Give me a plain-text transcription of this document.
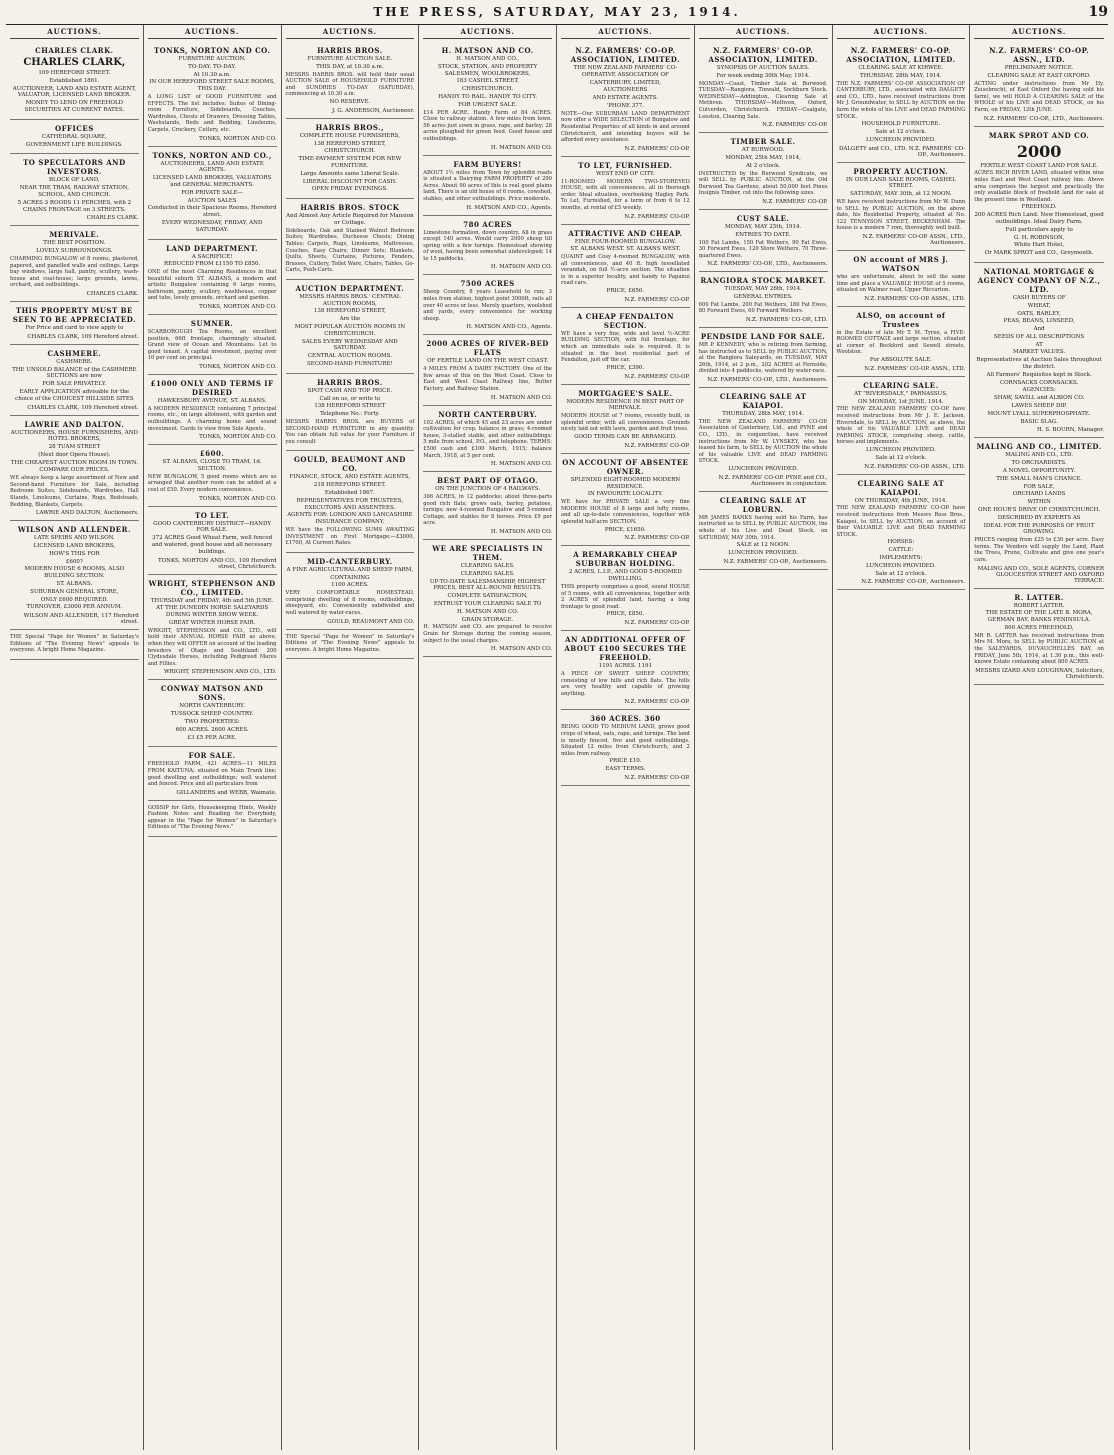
THE PRESS, SATURDAY, MAY 23, 1914.	19
AUCTIONS.
CHARLES CLARK.
CHARLES CLARK,
109 HEREFORD STREET.
Established 1861.
AUCTIONEER, LAND AND ESTATE AGENT, VALUATOR, LICENSED LAND BROKER.
MONEY TO LEND ON FREEHOLD SECURITIES AT CURRENT RATES.
OFFICES
CATHEDRAL SQUARE,
GOVERNMENT LIFE BUILDINGS.
TO SPECULATORS AND INVESTORS.
BLOCK OF LAND,
NEAR THE TRAM, RAILWAY STATION, SCHOOL, AND CHURCH.
5 ACRES 3 ROODS 11 PERCHES, with 2 CHAINS FRONTAGE on 3 STREETS.
CHARLES CLARK.
MERIVALE.
THE BEST POSITION.
LOVELY SURROUNDINGS.
CHARMING BUNGALOW of 8 rooms, plastered, papered, and panelled walls and ceilings. Large bay windows, large hall, pantry, scullery, wash-house and coal-house; large grounds, lawns, orchard, and outbuildings.
CHARLES CLARK.
THIS PROPERTY MUST BE SEEN TO BE APPRECIATED.
For Price and card to view apply to
CHARLES CLARK, 109 Hereford street.
CASHMERE.
CASHMERE.
THE UNSOLD BALANCE of the CASHMERE SECTIONS are now
FOR SALE PRIVATELY.
EARLY APPLICATION advisable for the choice of the CHOICEST HILLSIDE SITES
CHARLES CLARK, 109 Hereford street.
LAWRIE AND DALTON.
AUCTIONEERS, HOUSE FURNISHERS, AND HOTEL BROKERS,
28 TUAM STREET
(Next door Opera House).
THE CHEAPEST AUCTION ROOM IN TOWN.
COMPARE OUR PRICES.
WE always keep a large assortment of New and Second-hand Furniture for Sale, including Bedroom Suites, Sideboards, Wardrobes, Hall Stands, Linoleums, Curtains, Rugs, Bedsteads, Bedding, Blankets, Carpets.
LAWRIE AND DALTON, Auctioneers.
WILSON AND ALLENDER.
LATE SPEIRS AND WILSON.
LICENSED LAND BROKERS,
HOW'S THIS FOR
£600?
MODERN HOUSE 6 ROOMS, ALSO BUILDING SECTION.
ST. ALBANS.
SUBURBAN GENERAL STORE,
ONLY £600 REQUIRED.
TURNOVER, £3000 PER ANNUM.
WILSON AND ALLENDER, 117 Hereford street.
THE Special "Page for Women" in Saturday's Editions of "The Evening News" appeals to everyone. A bright Home Magazine.
AUCTIONS.
TONKS, NORTON AND CO.
FURNITURE AUCTION.
TO-DAY. TO-DAY.
At 10.30 a.m.
IN OUR HEREFORD STREET SALE ROOMS, THIS DAY.
A LONG LIST of GOOD FURNITURE and EFFECTS. The list includes: Suites of Dining-room Furniture, Sideboards, Couches, Wardrobes, Chests of Drawers, Dressing Tables, Washstands, Beds and Bedding, Linoleums, Carpets, Crockery, Cutlery, etc.
TONKS, NORTON AND CO.
TONKS, NORTON AND CO.,
AUCTIONEERS, LAND AND ESTATE AGENTS.
LICENSED LAND BROKERS, VALUATORS and GENERAL MERCHANTS.
FOR PRIVATE SALE—
AUCTION SALES
Conducted in their Spacious Rooms, Hereford street.
EVERY WEDNESDAY, FRIDAY, AND SATURDAY.
LAND DEPARTMENT.
A SACRIFICE!
REDUCED FROM £1150 TO £850.
ONE of the most Charming Residences in that beautiful suburb ST. ALBANS, a modern and artistic Bungalow containing 6 large rooms, bathroom, pantry, scullery, washhouse, copper and tubs, lovely grounds, orchard and garden.
TONKS, NORTON AND CO.
SUMNER.
SCARBOROUGH Tea Rooms, an excellent position, 66ft frontage, charmingly situated. Grand view of Ocean and Mountains. Let to good tenant. A capital investment, paying over 10 per cent on principal.
TONKS, NORTON AND CO.
£1000 ONLY AND TERMS IF DESIRED
HAWKESBURY AVENUE, ST. ALBANS.
A MODERN RESIDENCE containing 7 principal rooms, etc., on large allotment, with garden and outbuildings. A charming home and sound investment. Cards to view from Sole Agents.
TONKS, NORTON AND CO.
£600.
ST. ALBANS, CLOSE TO TRAM, 1d. SECTION.
NEW BUNGALOW, 5 good rooms which are so arranged that another room can be added at a cost of £50. Every modern convenience.
TONKS, NORTON AND CO.
TO LET.
GOOD CANTERBURY DISTRICT—HANDY FOR SALE.
372 ACRES Good Wheat Farm, well fenced and watered, good house and all necessary buildings.
TONKS, NORTON AND CO., 109 Hereford street, Christchurch.
WRIGHT, STEPHENSON AND CO., LIMITED.
THURSDAY and FRIDAY, 4th and 5th JUNE.
AT THE DUNEDIN HORSE SALEYARDS DURING WINTER SHOW WEEK.
GREAT WINTER HORSE FAIR.
WRIGHT, STEPHENSON and CO., LTD., will hold their ANNUAL HORSE FAIR as above, when they will OFFER on account of the leading breeders of Otago and Southland: 200 Clydesdale Horses, including Pedigreed Mares and Fillies.
WRIGHT, STEPHENSON AND CO., LTD.
CONWAY MATSON AND SONS.
NORTH CANTERBURY.
TUSSOCK SHEEP COUNTRY.
TWO PROPERTIES:
600 ACRES. 2600 ACRES.
£3 £5 PER ACRE.
FOR SALE.
FREEHOLD FARM, 421 ACRES—11 MILES FROM KAITUNA; situated on Main Trunk line; good dwelling and outbuildings; well watered and fenced. Price and all particulars from
GILLANDERS and WEBB, Waimate.
GOSSIP for Girls, Housekeeping Hints, Weekly Fashion Notes and Reading for Everybody, appear in the "Page for Women" in Saturday's Editions of "The Evening News."
AUCTIONS.
HARRIS BROS.
FURNITURE AUCTION SALE.
THIS DAY, at 10.30 a.m.
MESSRS HARRIS BROS. will hold their usual AUCTION SALE of HOUSEHOLD FURNITURE and SUNDRIES TO-DAY (SATURDAY), commencing at 10.30 a.m.
NO RESERVE.
J. G. ANDERSON, Auctioneer.
HARRIS BROS.,
COMPLETE HOUSE FURNISHERS,
138 HEREFORD STREET,
CHRISTCHURCH.
TIME-PAYMENT SYSTEM FOR NEW FURNITURE.
Large Amounts same Liberal Scale.
LIBERAL DISCOUNT FOR CASH.
OPEN FRIDAY EVENINGS.
HARRIS BROS. STOCK
And Almost Any Article Required for Mansion or Cottage.
Sideboards, Oak and Stained Walnut Bedroom Suites; Wardrobes, Duchesse Chests; Dining Tables; Carpets, Rugs, Linoleums, Mattresses, Couches, Easy Chairs; Dinner Sets; Blankets, Quilts, Sheets, Curtains, Pictures, Fenders, Brasses, Cutlery, Toilet Ware, Chairs, Tables, Go-Carts, Push-Carts.
AUCTION DEPARTMENT.
MESSRS HARRIS BROS.' CENTRAL AUCTION ROOMS,
138 HEREFORD STREET,
Are the
MOST POPULAR AUCTION ROOMS IN CHRISTCHURCH.
SALES EVERY WEDNESDAY AND SATURDAY.
CENTRAL AUCTION ROOMS.
SECOND-HAND FURNITURE!
HARRIS BROS.
SPOT CASH AND TOP PRICE.
Call on us, or write to
138 HEREFORD STREET
Telephone No.: Forty.
MESSRS HARRIS BROS. are BUYERS of SECOND-HAND FURNITURE in any quantity. You can obtain full value for your Furniture if you consult
GOULD, BEAUMONT AND CO.
FINANCE, STOCK, AND ESTATE AGENTS,
218 HEREFORD STREET.
Established 1867.
REPRESENTATIVES FOR TRUSTEES, EXECUTORS AND ASSENTEES.
AGENTS FOR: LONDON AND LANCASHIRE INSURANCE COMPANY.
WE have the FOLLOWING SUMS AWAITING INVESTMENT on First Mortgage:—£3000, £1700, At Current Rates.
MID-CANTERBURY.
A FINE AGRICULTURAL AND SHEEP FARM,
CONTAINING
1100 ACRES.
VERY COMFORTABLE HOMESTEAD, comprising dwelling of 8 rooms, outbuildings, sheepyard, etc. Conveniently subdivided and well watered by water-races.
GOULD, BEAUMONT AND CO.
THE Special "Page for Women" in Saturday's Editions of "The Evening News" appeals to everyone. A bright Home Magazine.
AUCTIONS.
H. MATSON AND CO.
H. MATSON AND CO.,
STOCK, STATION, AND PROPERTY SALESMEN, WOOLBROKERS,
183 CASHEL STREET,
CHRISTCHURCH.
HANDY TO RAIL. HANDY TO CITY.
FOR URGENT SALE.
£14 PER ACRE. Handy Farm of 84 ACRES. Close to railway station. A few miles from town. 56 acres just sown in grass, rape, and barley; 28 acres ploughed for green feed. Good house and outbuildings.
H. MATSON AND CO.
FARM BUYERS!
ABOUT 1½ miles from Town by splendid roads is situated a Dairying FARM PROPERTY of 290 Acres. About 90 acres of this is real good plains land. There is an old house of 6 rooms, cowshed, stables, and other outbuildings. Price moderate.
H. MATSON AND CO., Agents.
780 ACRES
Limestone formation, down country. All in grass except 140 acres. Would carry 2000 sheep till spring with a few turnips. Homestead showing of wool, having been somewhat undeveloped; 14 to 15 paddocks.
H. MATSON AND CO.
7500 ACRES
Sheep Country, 8 years Leasehold to run; 3 miles from station, highest point 3000ft, rails all over 40 acres or less. Merely quarters, woolshed and yards, every convenience for working sheep.
H. MATSON AND CO., Agents.
2000 ACRES OF RIVER-BED FLATS
OF FERTILE LAND ON THE WEST COAST.
4 MILES FROM A DAIRY FACTORY. One of the few areas of this on the West Coast. Close to East and West Coast Railway line, Butter Factory, and Railway Station.
H. MATSON AND CO.
NORTH CANTERBURY.
102 ACRES, of which 45 and 23 acres are under cultivation for crop, balance in grass; 4-roomed house, 3-stalled stable, and other outbuildings; 5 mile from school, P.O., and telephone. TERMS: £500 cash and £100 March, 1915; balance March, 1918, at 5 per cent.
H. MATSON AND CO.
BEST PART OF OTAGO.
ON THE JUNCTION OF 4 RAILWAYS.
306 ACRES, in 12 paddocks; about three-parts good rich flats; grows oats, barley, potatoes, turnips; new 4-roomed Bungalow and 5-roomed Cottage, and stables for 8 horses. Price £9 per acre.
H. MATSON AND CO.
WE ARE SPECIALISTS IN THEM.
CLEARING SALES.
CLEARING SALES.
UP-TO-DATE SALESMANSHIP, HIGHEST PRICES, BEST ALL-ROUND RESULTS.
COMPLETE SATISFACTION,
ENTRUST YOUR CLEARING SALE TO
H. MATSON AND CO.
GRAIN STORAGE.
H. MATSON and CO. are prepared to receive Grain for Storage during the coming season, subject to the usual charges.
H. MATSON AND CO.
AUCTIONS.
N.Z. FARMERS' CO-OP. ASSOCIATION, LIMITED.
THE NEW ZEALAND FARMERS' CO-OPERATIVE ASSOCIATION OF
CANTERBURY, LIMITED,
AUCTIONEERS
AND ESTATE AGENTS.
'PHONE 377.
NOTE—Our SUBURBAN LAND DEPARTMENT now offer a WIDE SELECTION of Bungalow and Residential Properties of all kinds in and around Christchurch, and intending buyers will be afforded every assistance.
N.Z. FARMERS' CO-OP.
TO LET, FURNISHED.
WEST END OF CITY.
11-ROOMED MODERN TWO-STOREYED HOUSE, with all conveniences, all in thorough order. Ideal situation, overlooking Hagley Park. To Let, Furnished, for a term of from 6 to 12 months, at rental of £5 weekly.
N.Z. FARMERS' CO-OP.
ATTRACTIVE AND CHEAP.
FINE FOUR-ROOMED BUNGALOW.
ST. ALBANS WEST. ST. ALBANS WEST.
QUAINT and Cosy 4-roomed BUNGALOW, with all conveniences, and 40 ft. high tessellated verandah, on full ½-acre section. The situation is in a superior locality, and handy to Papanui road cars.
PRICE, £650.
N.Z. FARMERS' CO-OP.
A CHEAP FENDALTON SECTION.
WE have a very fine, wide and level ½-ACRE BUILDING SECTION, with full frontage, for which an immediate sale is required. It is situated in the best residential part of Fendalton, just off the car.
PRICE, £390.
N.Z. FARMERS' CO-OP.
MORTGAGEE'S SALE.
MODERN RESIDENCE IN BEST PART OF MERIVALE.
MODERN HOUSE of 7 rooms, recently built, in splendid order, with all conveniences. Grounds nicely laid out with lawn, garden and fruit trees.
GOOD TERMS CAN BE ARRANGED.
N.Z. FARMERS' CO-OP.
ON ACCOUNT OF ABSENTEE OWNER.
SPLENDID EIGHT-ROOMED MODERN RESIDENCE.
IN FAVOURITE LOCALITY.
WE have for PRIVATE SALE a very fine MODERN HOUSE of 8 large and lofty rooms, and all up-to-date conveniences, together with splendid half-acre SECTION.
PRICE, £1650.
N.Z. FARMERS' CO-OP.
A REMARKABLY CHEAP SUBURBAN HOLDING.
2 ACRES, L.I.P., AND GOOD 5-ROOMED DWELLING.
THIS property comprises a good, sound HOUSE of 5 rooms, with all conveniences, together with 2 ACRES of splendid land, having a long frontage to good road.
PRICE, £850.
N.Z. FARMERS' CO-OP.
AN ADDITIONAL OFFER OF ABOUT £100 SECURES THE FREEHOLD.
1191 ACRES. 1191
A PIECE OF SWEET SHEEP COUNTRY, consisting of low hills and rich flats. The hills are very healthy and capable of growing anything.
N.Z. FARMERS' CO-OP.
360 ACRES. 360
BEING GOOD TO MEDIUM LAND, grows good crops of wheat, oats, rape, and turnips. The land is mostly fenced, five and good outbuildings. Situated 12 miles from Christchurch, and 2 miles from railway.
PRICE £10.
EASY TERMS.
N.Z. FARMERS' CO-OP.
AUCTIONS.
N.Z. FARMERS' CO-OP. ASSOCIATION, LIMITED.
SYNOPSIS OF AUCTION SALES.
For week ending 30th May, 1914.
MONDAY—Coast, Timber Sale at Burwood. TUESDAY—Rangiora, Tinwald, Sockburn Stock. WEDNESDAY—Addington, Clearing Sale at Methven. THURSDAY—Methven, Oxford, Culverden, Christchurch. FRIDAY—Coalgate, Leeston, Clearing Sale.
N.Z. FARMERS' CO-OP.
TIMBER SALE.
AT BURWOOD.
MONDAY, 25th MAY, 1914,
At 2 o'clock.
INSTRUCTED by the Burwood Syndicate, we will SELL by PUBLIC AUCTION, at the Old Burwood Tea Gardens, about 50,000 feet Pinus Insignis Timber, cut into the following sizes.
N.Z. FARMERS' CO-OP.
CUST SALE.
MONDAY, MAY 25th, 1914.
ENTRIES TO DATE.
100 Fat Lambs, 150 Fat Wethers, 90 Fat Ewes, 30 Forward Ewes, 120 Store Wethers, 70 Three-quartered Ewes.
N.Z. FARMERS' CO-OP., LTD., Auctioneers.
RANGIORA STOCK MARKET.
TUESDAY, MAY 26th, 1914.
GENERAL ENTRIES.
600 Fat Lambs, 200 Fat Wethers, 180 Fat Ewes, 80 Forward Ewes, 60 Forward Wethers.
N.Z. FARMERS' CO-OP., LTD.
PENDSIDE LAND FOR SALE.
MR P. KENNEDY, who is retiring from farming, has instructed us to SELL by PUBLIC AUCTION, at the Rangiora Saleyards, on TUESDAY, MAY 26th, 1914, at 2 p.m., 202 ACRES at Fernside, divided into 4 paddocks, watered by water-race.
N.Z. FARMERS' CO-OP., LTD., Auctioneers.
CLEARING SALE AT KAIAPOI.
THURSDAY, 28th MAY, 1914.
THE NEW ZEALAND FARMERS' CO-OP. Association of Canterbury, Ltd., and PYNE and CO., LTD., in conjunction, have received instructions from Mr W. LYNSKEY, who has leased his farm, to SELL by AUCTION the whole of his valuable LIVE and DEAD FARMING STOCK.
LUNCHEON PROVIDED.
N.Z. FARMERS' CO-OP. PYNE and CO., Auctioneers in conjunction.
CLEARING SALE AT LOBURN.
MR JAMES BANKS having sold his Farm, has instructed us to SELL by PUBLIC AUCTION, the whole of his Live and Dead Stock, on SATURDAY, MAY 30th, 1914.
SALE at 12 NOON.
LUNCHEON PROVIDED.
N.Z. FARMERS' CO-OP., Auctioneers.
AUCTIONS.
N.Z. FARMERS' CO-OP. ASSOCIATION, LIMITED.
CLEARING SALE AT KIRWEE.
THURSDAY, 28th MAY, 1914.
THE N.Z. FARMERS' CO-OP. ASSOCIATION OF CANTERBURY, LTD., associated with DALGETY and CO., LTD., have received instructions from Mr J. Groundwater, to SELL by AUCTION on the farm the whole of his LIVE and DEAD FARMING STOCK.
HOUSEHOLD FURNITURE.
Sale at 12 o'clock.
LUNCHEON PROVIDED.
DALGETY and CO., LTD. N.Z. FARMERS' CO-OP., Auctioneers.
PROPERTY AUCTION.
IN OUR LAND SALE ROOMS, CASHEL STREET.
SATURDAY, MAY 30th, at 12 NOON.
WE have received instructions from Mr W. Dunn to SELL by PUBLIC AUCTION, on the above date, his Residential Property, situated at No. 122 TENNYSON STREET, BECKENHAM. The house is a modern 7 rom, thoroughly well built.
N.Z. FARMERS' CO-OP. ASSN., LTD., Auctioneers.
ON account of MRS J. WATSON
who are unfortunate, about to sell the same time and place a VALUABLE HOUSE of 5 rooms, situated on Walmer road, Upper Riccarton.
N.Z. FARMERS' CO-OP. ASSN., LTD.
ALSO, on account of Trustees
in the Estate of late Mr T. M. Tyree, a FIVE-ROOMED COTTAGE and large section, situated at corner of Beckford and Sewell streets, Woolston.
For ABSOLUTE SALE.
N.Z. FARMERS' CO-OP. ASSN., LTD.
CLEARING SALE.
AT "RIVERSDALE," PARNASSUS.
ON MONDAY, 1st JUNE, 1914.
THE NEW ZEALAND FARMERS' CO-OP. have received instructions from Mr J. E. Jackson, Riversdale, to SELL by AUCTION, as above, the whole of his VALUABLE LIVE and DEAD FARMING STOCK, comprising sheep, cattle, horses and implements.
LUNCHEON PROVIDED.
Sale at 12 o'clock.
N.Z. FARMERS' CO-OP. ASSN., LTD.
CLEARING SALE AT KAIAPOI.
ON THURSDAY, 4th JUNE, 1914.
THE NEW ZEALAND FARMERS' CO-OP. have received instructions from Messrs Ross Bros., Kaiapoi, to SELL by AUCTION, on account of their VALUABLE LIVE and DEAD FARMING STOCK.
HORSES:
CATTLE:
IMPLEMENTS:
LUNCHEON PROVIDED.
Sale at 12 o'clock.
N.Z. FARMERS' CO-OP., Auctioneers.
AUCTIONS.
N.Z. FARMERS' CO-OP. ASSN., LTD.
PRELIMINARY NOTICE.
CLEARING SALE AT EAST OXFORD.
ACTING under instructions from Mr Hy. Zeisebrecht, of East Oxford (he having sold his farm), we will HOLD A CLEARING SALE of the WHOLE of his LIVE and DEAD STOCK, on his Farm, on FRIDAY, 12th JUNE.
N.Z. FARMERS' CO-OP., LTD., Auctioneers.
MARK SPROT AND CO.
2000
FERTILE WEST COAST LAND FOR SALE.
ACRES RICH RIVER LAND, situated within nine miles East and West Coast railway line. Above area comprises the largest and practically the only available block of freehold land for sale at the present time in Westland.
FREEHOLD.
200 ACRES Rich Land. New Homestead, good outbuildings. Ideal Dairy Farm.
Full particulars apply to
G. H. ROBINSON,
White Hart Hotel,
Or MARK SPROT and CO., Greymouth.
NATIONAL MORTGAGE & AGENCY COMPANY OF N.Z., LTD.
CASH BUYERS OF
WHEAT,
OATS, BARLEY,
PEAS, BEANS, LINSEED,
And
SEEDS OF ALL DESCRIPTIONS
AT
MARKET VALUES.
Representatives at Auction Sales throughout the district.
All Farmers' Requisites kept in Stock.
CORNSACKS CORNSACKS.
AGENCIES:
SHAW, SAVILL and ALBION CO.
LAWES SHEEP DIP.
MOUNT LYALL SUPERPHOSPHATE.
BASIC SLAG.
H. S. BOURN, Manager.
MALING AND CO., LIMITED.
MALING AND CO., LTD.
TO ORCHARDISTS.
A NOVEL OPPORTUNITY.
THE SMALL MAN'S CHANCE.
FOR SALE,
ORCHARD LANDS
WITHIN
ONE HOUR'S DRIVE OF CHRISTCHURCH.
DESCRIBED BY EXPERTS AS
IDEAL FOR THE PURPOSES OF FRUIT GROWING.
PRICES ranging from £25 to £30 per acre. Easy terms. The Vendors will supply the Land, Plant the Trees, Prune, Cultivate and give one year's care.
MALING AND CO., SOLE AGENTS, CORNER GLOUCESTER STREET AND OXFORD TERRACE.
R. LATTER.
ROBERT LATTER.
THE ESTATE OF THE LATE B. MORA, GERMAN BAY, BANKS PENINSULA.
800 ACRES FREEHOLD,
MR R. LATTER has received instructions from Mrs M. Mora, to SELL by PUBLIC AUCTION at the SALEYARDS, DUVAUCHELLES BAY, on FRIDAY, June 5th, 1914, at 1.30 p.m., this well-known Estate containing about 800 ACRES.
MESSRS IZARD AND LOUGHNAN, Solicitors, Christchurch.
